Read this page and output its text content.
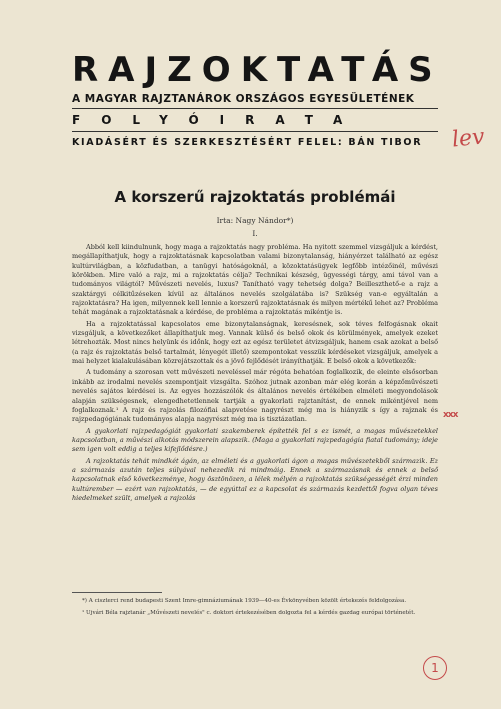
RAJZOKTATÁS
A MAGYAR RAJZTANÁROK ORSZÁGOS EGYESÜLETÉNEK
FOLYÓIRATA
KIADÁSÉRT ÉS SZERKESZTÉSÉRT FELEL: BÁN TIBOR	lev
A korszerű rajzoktatás problémái
Irta: Nagy Nándor*)
I.

Abból kell kiindulnunk, hogy maga a rajzoktatás nagy probléma. Ha nyitott szemmel vizsgáljuk a kérdést, megállapíthatjuk, hogy a rajzoktatásnak kapcsolatban valami bizonytalanság, hiányérzet található az egész kultúrvilágban, a közfudatban, a tanügyi hatóságoknál, a közoktatásügyek legfőbb intézőinél, művészi körökben. Mire való a rajz, mi a rajzoktatás célja? Technikai készség, ügyességi tárgy, ami távol van a tudományos világtól? Művészeti nevelés, luxus? Tanítható vagy tehetség dolga? Beilleszthető-e a rajz a szaktárgyi célkitűzéseken kívül az általános nevelés szolgálatába is? Szükség van-e egyáltalán a rajzoktatásra? Ha igen, milyennek kell lennie a korszerű rajzoktatásnak és milyen mértékű lehet az? Probléma tehát magának a rajzoktatásnak a kérdése, de probléma a rajzoktatás mikéntje is.

Ha a rajzoktatással kapcsolatos eme bizonytalanságnak, keresésnek, sok téves felfogásnak okait vizsgáljuk, a következőket állapíthatjuk meg. Vannak külső és belső okok és körülmények, amelyek ezeket létrehozták. Most nincs helyünk és időnk, hogy ezt az egész területet átvizsgáljuk, hanem csak azokat a belső (a rajz és rajzoktatás belső tartalmát, lényegét illető) szempontokat vesszük kérdéseket vizsgáljuk, amelyek a mai helyzet kialakulásában közrejátszottak és a jövő fejlődését irányíthatják. E belső okok a következők:

A tudomány a szorosan vett művészeti neveléssel már régóta behatóan foglalkozik, de eleinte elsősorban inkább az irodalmi nevelés szempontjait vizsgálta. Szóhoz jutnak azonban már elég korán a képzőművészeti nevelés sajátos kérdései is. Az egyes hozzászólók és általános nevelés értékében elméleti megyondolások alapján szükségesnek, elengedhetetlennek tartják a gyakorlati rajztanítást, de ennek mikéntjével nem foglalkoznak.¹ A rajz és rajzolás filozófiai alapvetése nagyrészt még ma is hiányzik s így a rajznak és rajzpedagógiának tudományos alapja nagyrészt még ma is tisztázatlan.

A gyakorlati rajzpedagógiát gyakorlati szakemberek építették fel s ez ismét, a magas művészetekkel kapcsolatban, a művészi alkotás módszerein alapszik. (Maga a gyakorlati rajzpedagógia fiatal tudomány; ideje sem igen volt eddig a teljes kifejlődésre.)

A rajzoktatás tehát mindkét ágán, az elméleti és a gyakorlati ágon a magas művészetekből származik. Ez a származás azután teljes súlyával nehezedik rá mindmáig. Ennek a származásnak és ennek a belső kapcsolatnak első következménye, hogy ösztönözen, a lélek mélyén a rajzoktatás szükségességét érzi minden kultúrember — ezért van rajzoktatás, — de egyúttal ez a kapcsolat és származás kezdettől fogva olyan téves hiedelmeket szült, amelyek a rajzolás

xxx

*) A ciszterci rend budapesti Szent Imre-gimnáziumának 1939—40-es Évkönyvében közölt értekezés feldolgozása.

¹ Ujvári Béla rajztanár „Művészeti nevelés" c. doktori értekezésében dolgozta fel a kérdés gazdag európai történetét.

1
